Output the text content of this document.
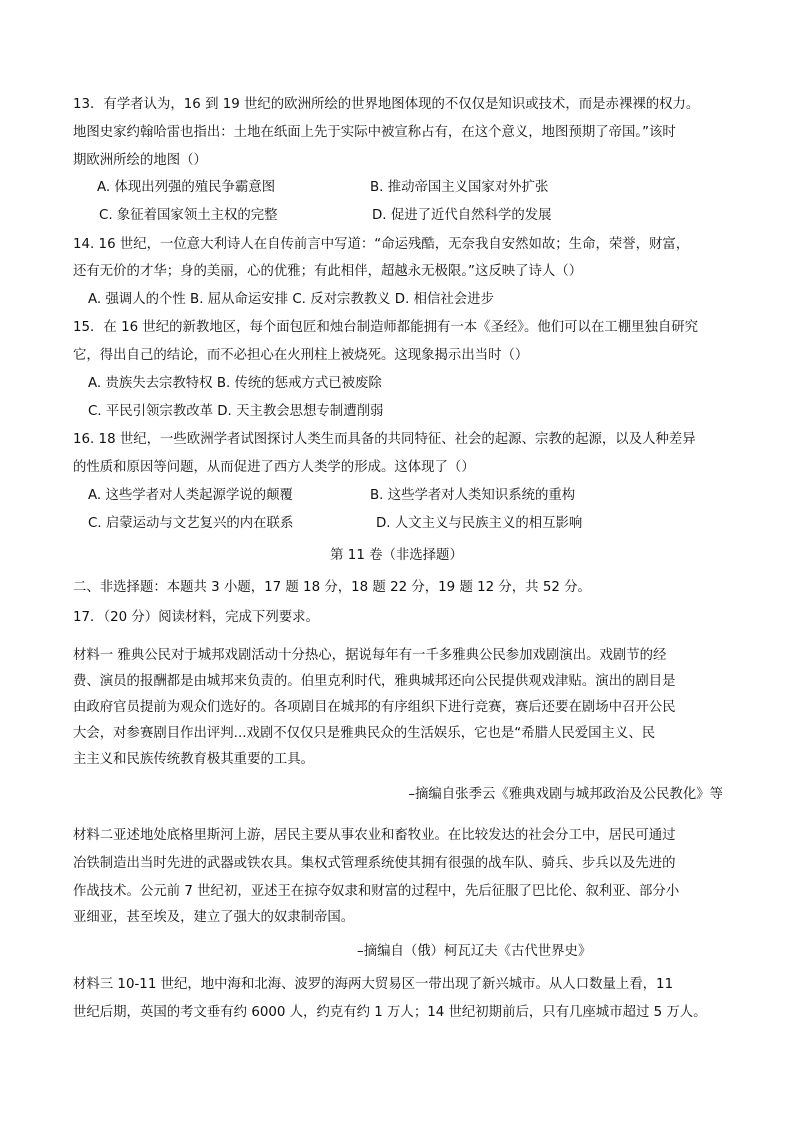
13．有学者认为，16 到 19 世纪的欧洲所绘的世界地图体现的不仅仅是知识或技术，而是赤裸裸的权力。
地图史家约翰哈雷也指出：土地在纸面上先于实际中被宣称占有，在这个意义，地图预期了帝国。”该时
期欧洲所绘的地图（）
A. 体现出列强的殖民争霸意图	B. 推动帝国主义国家对外扩张
C. 象征着国家领土主权的完整	D. 促进了近代自然科学的发展
14. 16 世纪，一位意大利诗人在自传前言中写道：“命运残酷，无奈我自安然如故；生命，荣誉，财富，
还有无价的才华；身的美丽，心的优雅；有此相伴，超越永无极限。”这反映了诗人（）
A. 强调人的个性 B. 屈从命运安排 C. 反对宗教教义 D. 相信社会进步
15．在 16 世纪的新教地区，每个面包匠和烛台制造师都能拥有一本《圣经》。他们可以在工棚里独自研究
它，得出自己的结论，而不必担心在火刑柱上被烧死。这现象揭示出当时（）
A. 贵族失去宗教特权 B. 传统的惩戒方式已被废除
C. 平民引领宗教改革 D. 天主教会思想专制遭削弱
16. 18 世纪，一些欧洲学者试图探讨人类生而具备的共同特征、社会的起源、宗教的起源，以及人种差异
的性质和原因等问题，从而促进了西方人类学的形成。这体现了（）
A. 这些学者对人类起源学说的颠覆	B. 这些学者对人类知识系统的重构
C. 启蒙运动与文艺复兴的内在联系	D. 人文主义与民族主义的相互影响
第 11 卷（非选择题）
二、非选择题：本题共 3 小题，17 题 18 分，18 题 22 分，19 题 12 分，共 52 分。
17．（20 分）阅读材料，完成下列要求。
材料一 雅典公民对于城邦戏剧活动十分热心，据说每年有一千多雅典公民参加戏剧演出。戏剧节的经
费、演员的报酬都是由城邦来负责的。伯里克利时代，雅典城邦还向公民提供观戏津贴。演出的剧目是
由政府官员提前为观众们选好的。各项剧目在城邦的有序组织下进行竞赛，赛后还要在剧场中召开公民
大会，对参赛剧目作出评判...戏剧不仅仅只是雅典民众的生活娱乐，它也是“希腊人民爱国主义、民
主主义和民族传统教育极其重要的工具。
–摘编自张季云《雅典戏剧与城邦政治及公民教化》等
材料二亚述地处底格里斯河上游，居民主要从事农业和畜牧业。在比较发达的社会分工中，居民可通过
冶铁制造出当时先进的武器或铁农具。集权式管理系统使其拥有很强的战车队、骑兵、步兵以及先进的
作战技术。公元前 7 世纪初，亚述王在掠夺奴隶和财富的过程中，先后征服了巴比伦、叙利亚、部分小
亚细亚，甚至埃及，建立了强大的奴隶制帝国。
–摘编自（俄）柯瓦辽夫《古代世界史》
材料三 10-11 世纪，地中海和北海、波罗的海两大贸易区一带出现了新兴城市。从人口数量上看，11
世纪后期，英国的考文垂有约 6000 人，约克有约 1 万人；14 世纪初期前后，只有几座城市超过 5 万人。
